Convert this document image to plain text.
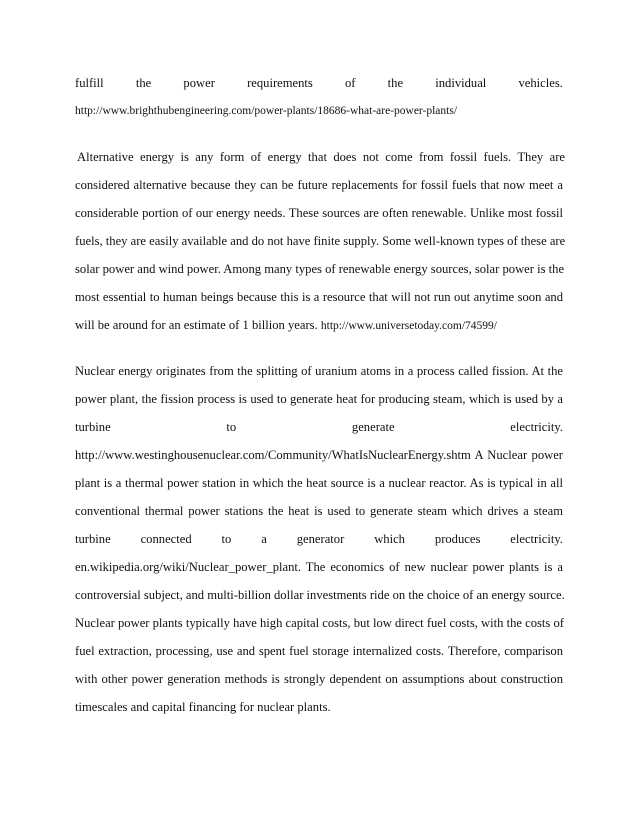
fulfill	the	power	requirements	of	the	individual	vehicles.
http://www.brighthubengineering.com/power-plants/18686-what-are-power-plants/
Alternative energy is any form of energy that does not come from fossil fuels. They are
considered alternative because they can be future replacements for fossil fuels that now meet a
considerable portion of our energy needs. These sources are often renewable. Unlike most fossil
fuels, they are easily available and do not have finite supply. Some well-known types of these are
solar power and wind power. Among many types of renewable energy sources, solar power is the
most essential to human beings because this is a resource that will not run out anytime soon and
will be around for an estimate of 1 billion years. http://www.universetoday.com/74599/
Nuclear energy originates from the splitting of uranium atoms in a process called fission. At the
power plant, the fission process is used to generate heat for producing steam, which is used by a
turbine	to	generate	electricity.
http://www.westinghousenuclear.com/Community/WhatIsNuclearEnergy.shtm A Nuclear power
plant is a thermal power station in which the heat source is a nuclear reactor. As is typical in all
conventional thermal power stations the heat is used to generate steam which drives a steam
turbine connected to a generator which produces electricity.
en.wikipedia.org/wiki/Nuclear_power_plant. The economics of new nuclear power plants is a
controversial subject, and multi-billion dollar investments ride on the choice of an energy source.
Nuclear power plants typically have high capital costs, but low direct fuel costs, with the costs of
fuel extraction, processing, use and spent fuel storage internalized costs. Therefore, comparison
with other power generation methods is strongly dependent on assumptions about construction
timescales and capital financing for nuclear plants.
